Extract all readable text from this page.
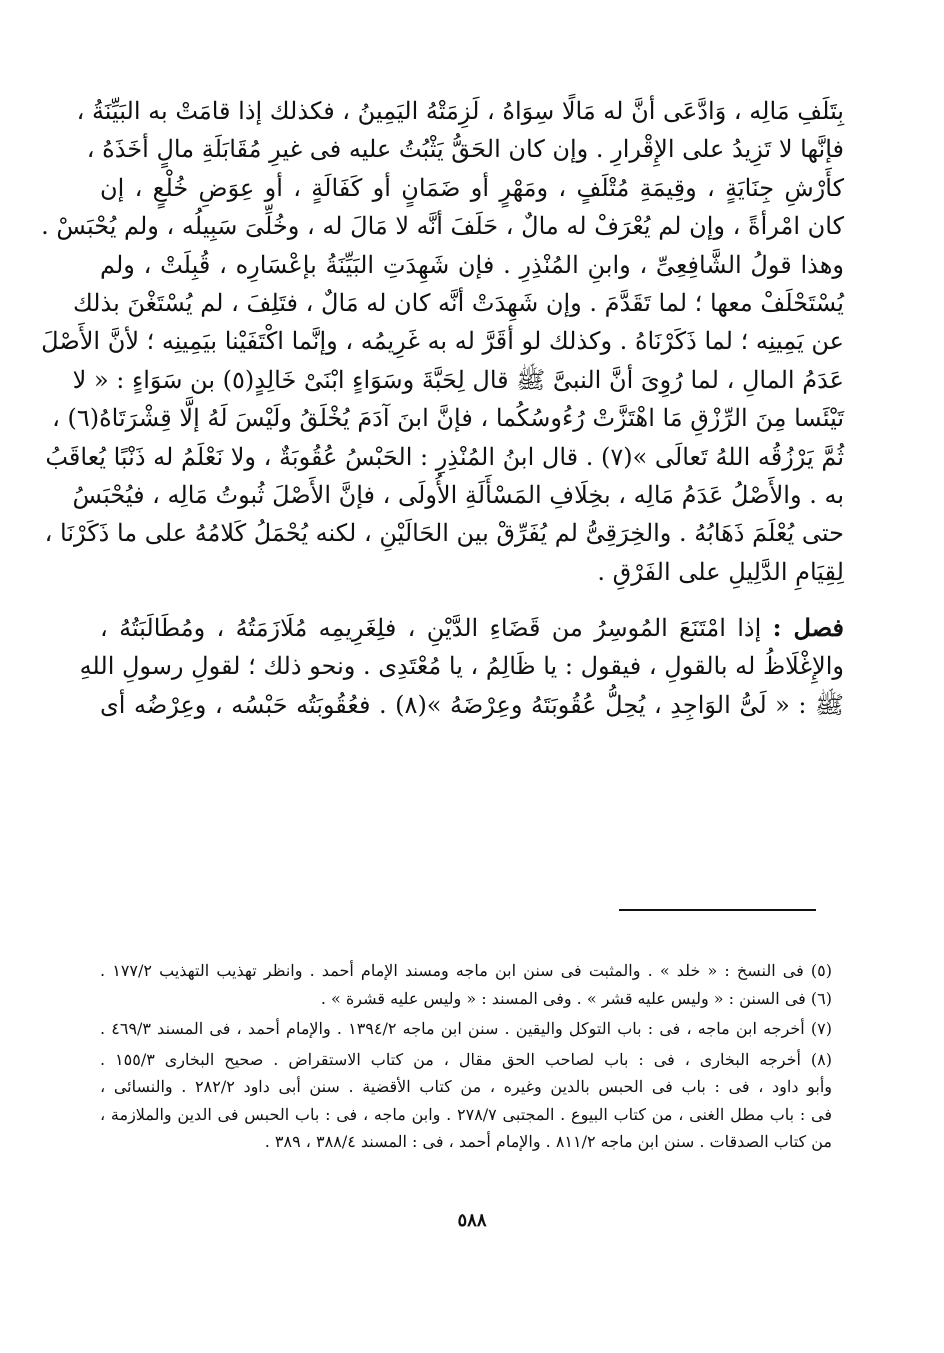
بِتَلَفِ مَالِه ، وَادَّعَى أنَّ له مَالًا سِوَاهُ ، لَزِمَتْهُ اليَمِينُ ، فكذلك إذا قامَتْ به البَيِّنَةُ ،
فإنَّها لا تَزِيدُ على الإِقْرارِ . وإن كان الحَقُّ يَثْبُتُ عليه فى غيرِ مُقَابَلَةِ مالٍ أخَذَهُ ،
كأَرْشِ جِنَايَةٍ ، وقِيمَةِ مُتْلَفٍ ، ومَهْرٍ أو ضَمَانٍ أو كَفَالَةٍ ، أو عِوَضِ خُلْعٍ ، إن
كان امْرأةً ، وإن لم يُعْرَفْ له مالٌ ، حَلَفَ أنَّه لا مَالَ له ، وخُلِّىَ سَبِيلُه ، ولم يُحْبَسْ .
وهذا قولُ الشَّافِعِىِّ ، وابنِ المُنْذِرِ . فإن شَهِدَتِ البَيِّنَةُ بإعْسَارِه ، قُبِلَتْ ، ولم
يُسْتَحْلَفْ معها ؛ لما تَقَدَّمَ . وإن شَهِدَتْ أنَّه كان له مَالٌ ، فتَلِفَ ، لم يُسْتَغْنَ بذلك
عن يَمِينِه ؛ لما ذَكَرْنَاهُ . وكذلك لو أقَرَّ له به غَرِيمُه ، وإنَّما اكْتَفَيْنا بيَمِينِه ؛ لأنَّ الأَصْلَ
عَدَمُ المالِ ، لما رُوِىَ أنَّ النبىَّ ﷺ قال لِحَبَّةَ وسَوَاءٍ ابْنَىْ خَالِدٍ(٥) بن سَوَاءٍ : « لا
تَيْئَسا مِنَ الرِّزْقِ مَا اهْتَزَّتْ رُءُوسُكُما ، فإنَّ ابنَ آدَمَ يُخْلَقُ ولَيْسَ لَهُ إلَّا قِشْرَتَاهُ(٦) ،
ثُمَّ يَرْزُقُه اللهُ تَعالَى »(٧) . قال ابنُ المُنْذِرِ : الحَبْسُ عُقُوبَةٌ ، ولا نَعْلَمُ له ذَنْبًا يُعاقَبُ
به . والأَصْلُ عَدَمُ مَالِه ، بخِلَافِ المَسْأَلَةِ الأُولَى ، فإنَّ الأَصْلَ ثُبوتُ مَالِه ، فيُحْبَسُ
حتى يُعْلَمَ ذَهَابُهُ . والخِرَقِىُّ لم يُفَرِّقْ بين الحَالَيْنِ ، لكنه يُحْمَلُ كَلامُهُ على ما ذَكَرْنَا ،
لِقِيَامِ الدَّلِيلِ على الفَرْقِ .
فصل : إذا امْتَنَعَ المُوسِرُ من قَضَاءِ الدَّيْنِ ، فلِغَرِيمِه مُلَازَمَتُهُ ، ومُطَالَبَتُهُ ،
والإِغْلَاظُ له بالقولِ ، فيقول : يا ظَالِمُ ، يا مُعْتَدِى . ونحو ذلك ؛ لقولِ رسولِ اللهِ
ﷺ : « لَىُّ الوَاجِدِ ، يُحِلُّ عُقُوبَتَهُ وعِرْضَهُ »(٨) . فعُقُوبَتُه حَبْسُه ، وعِرْضُه أى
(٥) فى النسخ : « خلد » . والمثبت فى سنن ابن ماجه ومسند الإمام أحمد . وانظر تهذيب التهذيب ١٧٧/٢ .
(٦) فى السنن : « وليس عليه قشر » . وفى المسند : « وليس عليه قشرة » .
(٧) أخرجه ابن ماجه ، فى : باب التوكل واليقين . سنن ابن ماجه ١٣٩٤/٢ . والإمام أحمد ، فى المسند ٤٦٩/٣ .
(٨) أخرجه البخارى ، فى : باب لصاحب الحق مقال ، من كتاب الاستقراض . صحيح البخارى ١٥٥/٣ .
وأبو داود ، فى : باب فى الحبس بالدين وغيره ، من كتاب الأقضية . سنن أبى داود ٢٨٢/٢ . والنسائى ،
فى : باب مطل الغنى ، من كتاب البيوع . المجتبى ٢٧٨/٧ . وابن ماجه ، فى : باب الحبس فى الدين والملازمة ،
من كتاب الصدقات . سنن ابن ماجه ٨١١/٢ . والإمام أحمد ، فى : المسند ٣٨٨/٤ ، ٣٨٩ .
٥٨٨
